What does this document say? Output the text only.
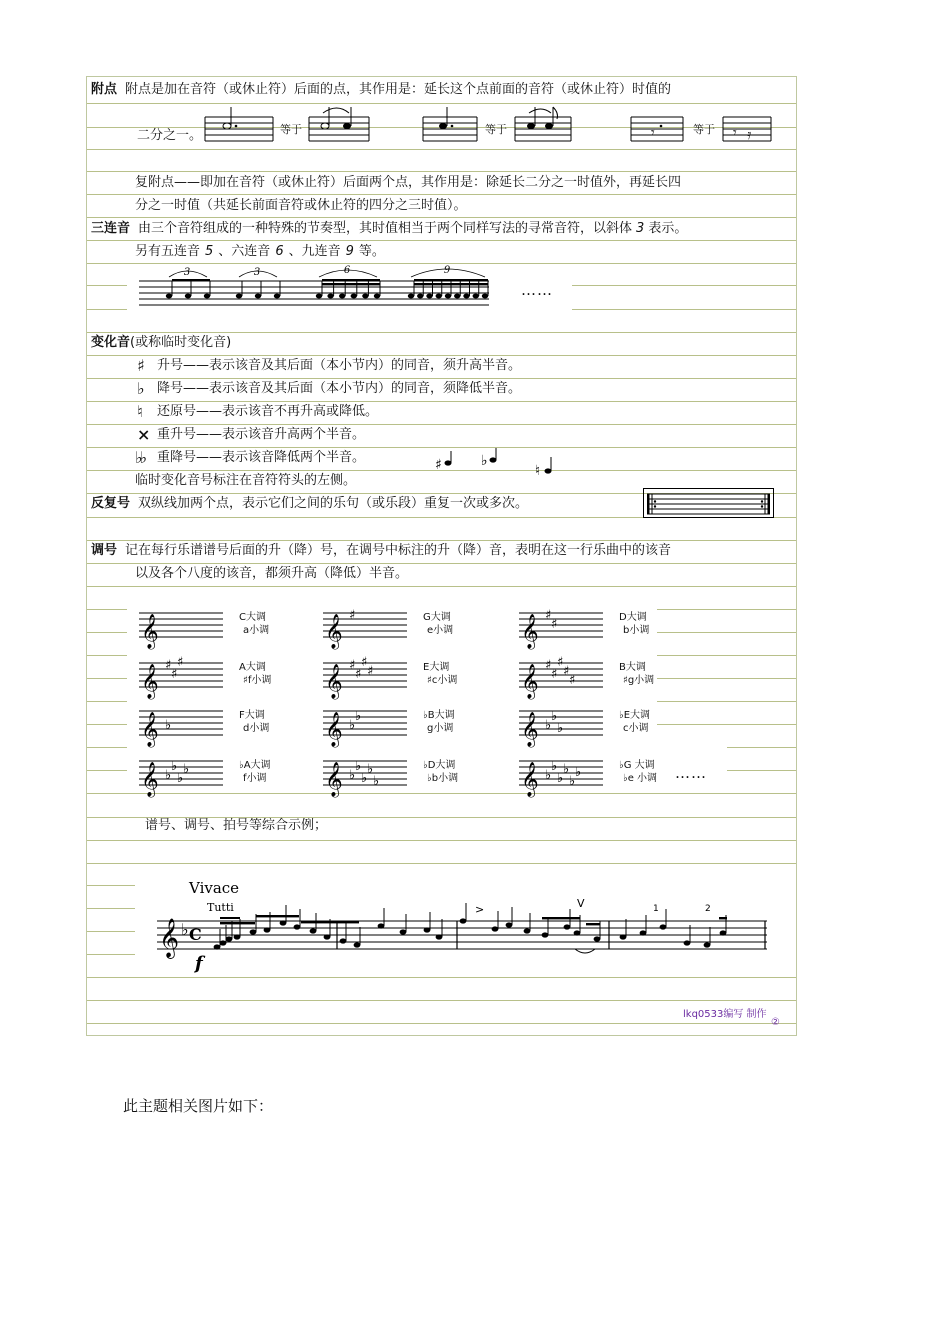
附点 附点是加在音符（或休止符）后面的点，其作用是：延长这个点前面的音符（或休止符）时值的
二分之一。	等于	等于	𝄾	等于 𝄾 𝄿
复附点——即加在音符（或休止符）后面两个点，其作用是：除延长二分之一时值外，再延长四
分之一时值（共延长前面音符或休止符的四分之三时值）。
三连音 由三个音符组成的一种特殊的节奏型，其时值相当于两个同样写法的寻常音符，以斜体 3 表示。
另有五连音 5 、六连音 6 、九连音 9 等。
3	3	6	9
……
变化音(或称临时变化音)
♯ 升号——表示该音及其后面（本小节内）的同音，须升高半音。
♭ 降号——表示该音及其后面（本小节内）的同音，须降低半音。
♮ 还原号——表示该音不再升高或降低。
× 重升号——表示该音升高两个半音。
♭♭ 重降号——表示该音降低两个半音。
临时变化音号标注在音符符头的左侧。
♯	♭
♮
反复号 双纵线加两个点，表示它们之间的乐句（或乐段）重复一次或多次。
调号 记在每行乐谱谱号后面的升（降）号，在调号中标注的升（降）音，表明在这一行乐曲中的该音
以及各个八度的该音，都须升高（降低）半音。
𝄞	C大调
a小调 𝄞 ♯	G大调
e小调 𝄞 ♯
♯	D大调
b小调
𝄞 ♯
♯
♯	A大调
♯f小调 𝄞 ♯
♯
♯
♯	E大调
♯c小调 𝄞 ♯
♯
♯
♯
♯
B大调
♯g小调
𝄞 ♭
F大调
d小调 𝄞 ♭
♭	♭B大调
g小调 𝄞 ♭
♭
♭
♭E大调
c小调
𝄞 ♭
♭
♭
♭	♭A大调
f小调 𝄞 ♭
♭
♭
♭
♭
♭D大调
♭b小调 𝄞 ♭
♭
♭
♭
♭
♭	♭G 大调
♭e 小调 ……
谱号、调号、拍号等综合示例；
Vivace
Tutti
𝄞 ♭ C
f
>	V	1	2
lkq0533编写 制作
②
此主题相关图片如下：
